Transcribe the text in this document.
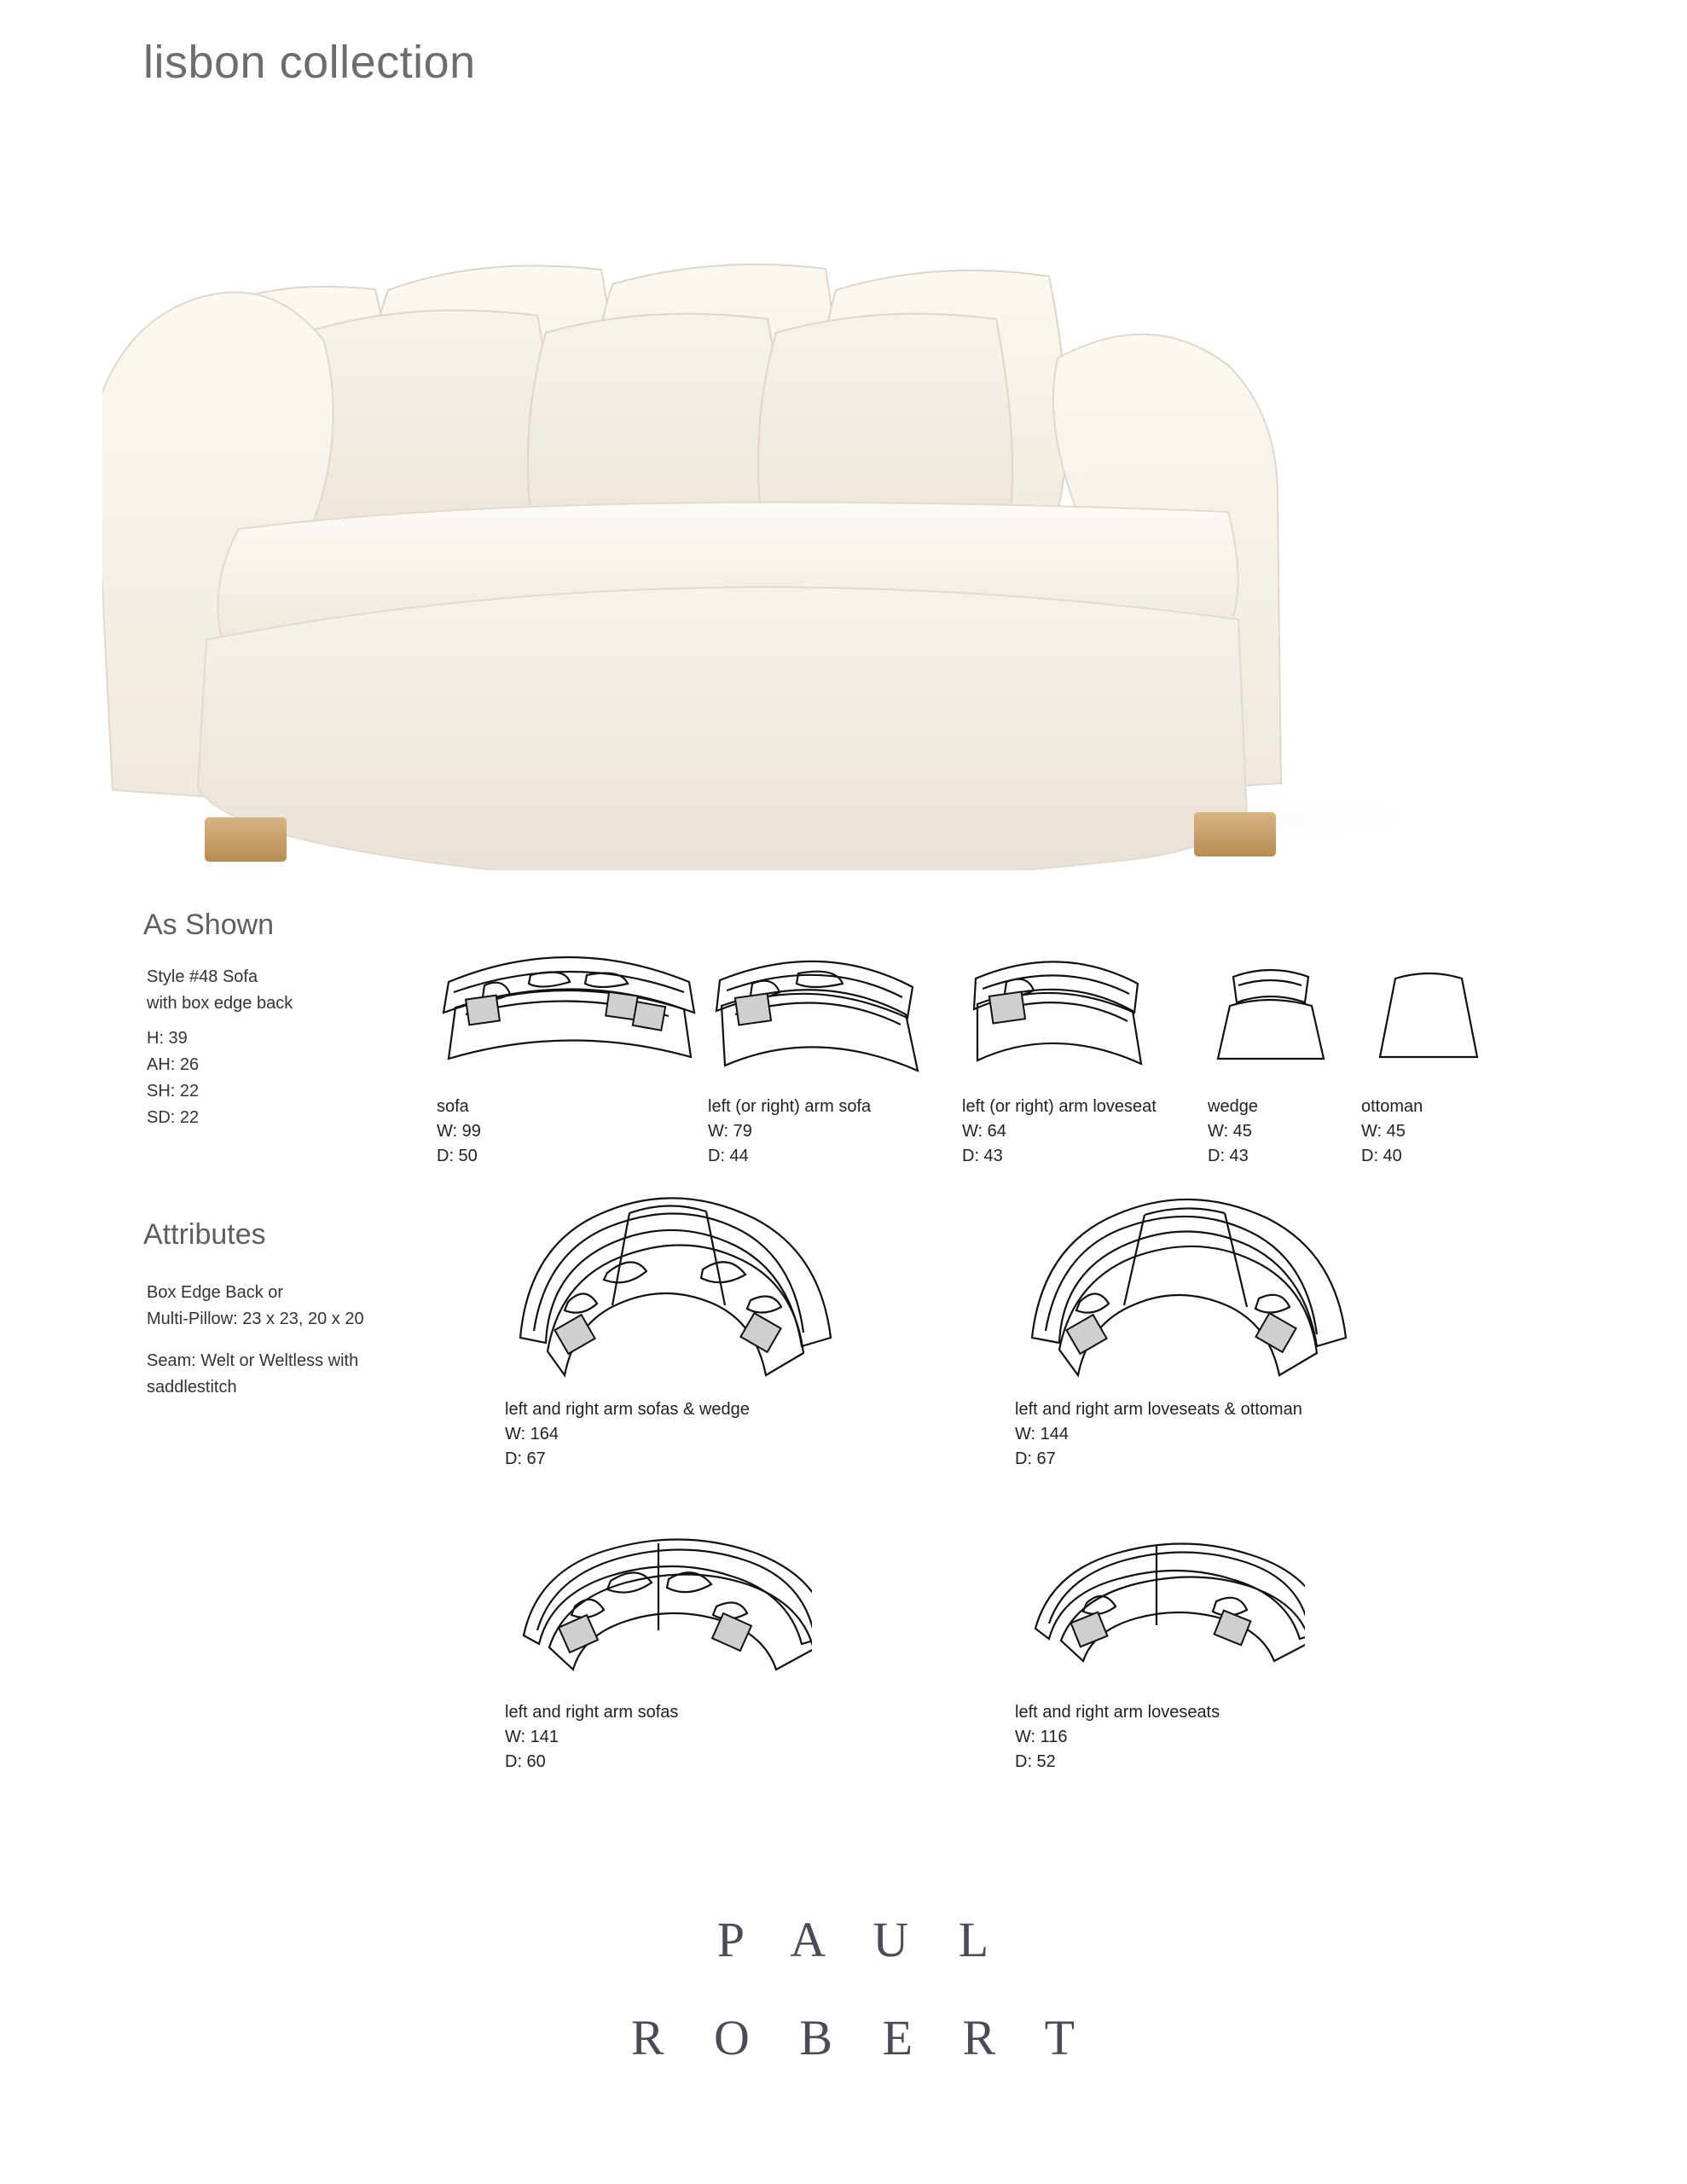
lisbon collection
As Shown
Style #48 Sofa
with box edge back
H: 39
AH: 26
SH: 22
SD: 22
Attributes
Box Edge Back or
Multi-Pillow: 23 x 23, 20 x 20
Seam: Welt or Weltless with
saddlestitch
sofa
W: 99
D: 50
left (or right) arm sofa
W: 79
D: 44
left (or right) arm loveseat
W: 64
D: 43
wedge
W: 45
D: 43
ottoman
W: 45
D: 40
left and right arm sofas & wedge
W: 164
D: 67
left and right arm loveseats & ottoman
W: 144
D: 67
left and right arm sofas
W: 141
D: 60
left and right arm loveseats
W: 116
D: 52
P A U L
R O B E R T
